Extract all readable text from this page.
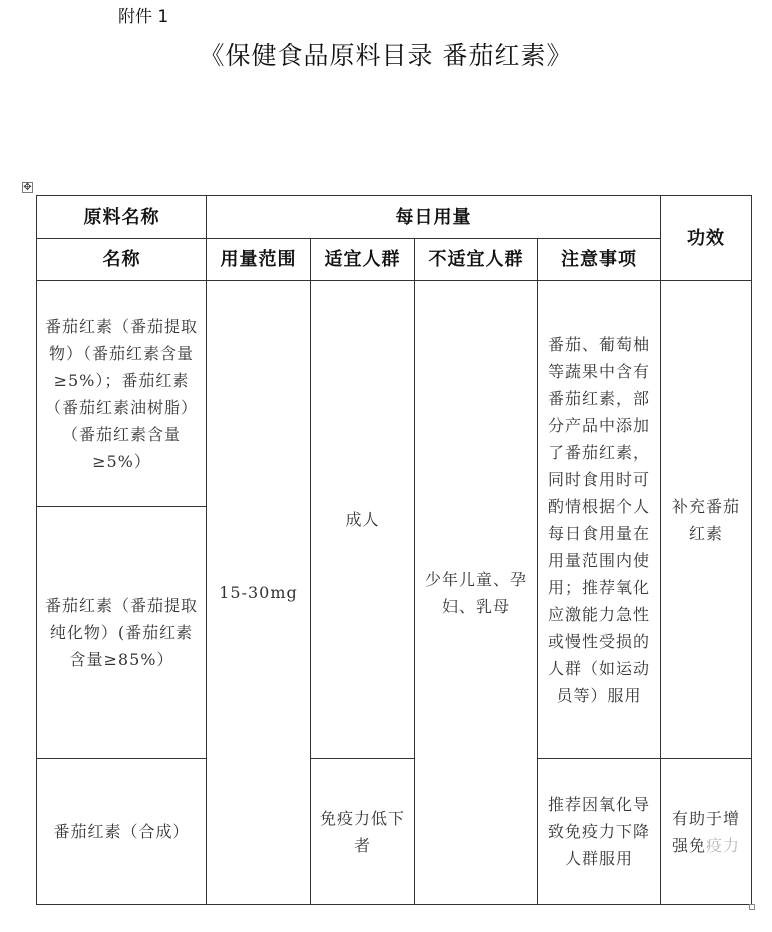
附件 1
《保健食品原料目录 番茄红素》
✥
原料名称	每日用量				功效
名称	用量范围	适宜人群	不适宜人群	注意事项	
番茄红素（番茄提取物）（番茄红素含量≥5%）；番茄红素（番茄红素油树脂）（番茄红素含量≥5%）	15-30mg	成人	少年儿童、孕妇、乳母	番茄、葡萄柚等蔬果中含有番茄红素，部分产品中添加了番茄红素，同时食用时可酌情根据个人每日食用量在用量范围内使用；推荐氧化应激能力急性或慢性受损的人群（如运动员等）服用	补充番茄红素
番茄红素（番茄提取纯化物）(番茄红素含量≥85%）					
番茄红素（合成）		免疫力低下者		推荐因氧化导致免疫力下降人群服用	有助于增强免疫力
